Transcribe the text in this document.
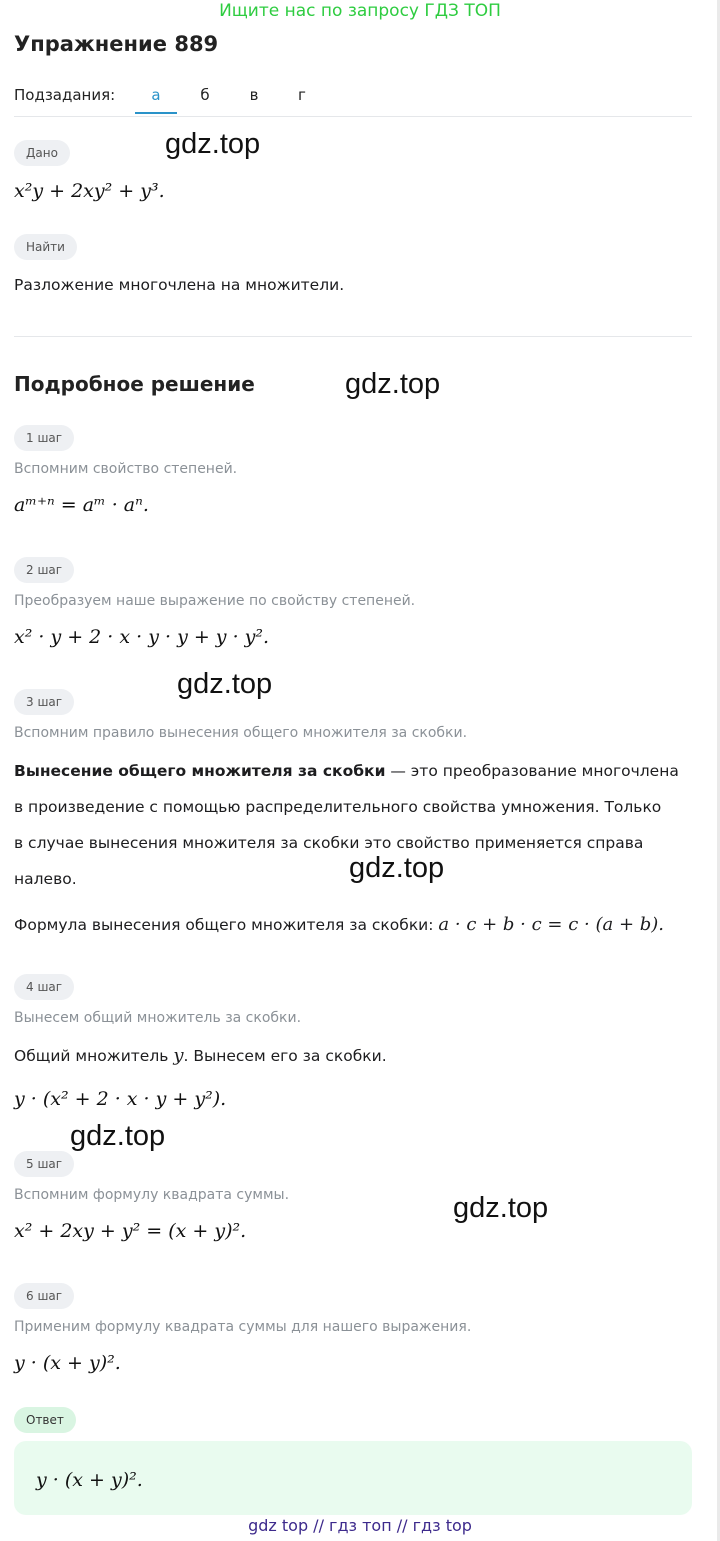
Ищите нас по запросу ГДЗ ТОП
Упражнение 889
Подзадания:	а	б	в	г
Дано	gdz.top
x²y + 2xy² + y³.
Найти
Разложение многочлена на множители.
Подробное решение	gdz.top
1 шаг
Вспомним свойство степеней.
aᵐ⁺ⁿ = aᵐ · aⁿ.
2 шаг
Преобразуем наше выражение по свойству степеней.
x² · y + 2 · x · y · y + y · y².
3 шаг
gdz.top
Вспомним правило вынесения общего множителя за скобки.

Вынесение общего множителя за скобки — это преобразование многочлена

в произведение с помощью распределительного свойства умножения. Только

в случае вынесения множителя за скобки это свойство применяется справа

налево.	gdz.top
Формула вынесения общего множителя за скобки: a · c + b · c = c · (a + b).
4 шаг
Вынесем общий множитель за скобки.
Общий множитель y. Вынесем его за скобки.
y · (x² + 2 · x · y + y²).
gdz.top
5 шаг
Вспомним формулу квадрата суммы.	gdz.top
x² + 2xy + y² = (x + y)².
6 шаг
Применим формулу квадрата суммы для нашего выражения.
y · (x + y)².
Ответ
y · (x + y)².
gdz top // гдз топ // гдз top
